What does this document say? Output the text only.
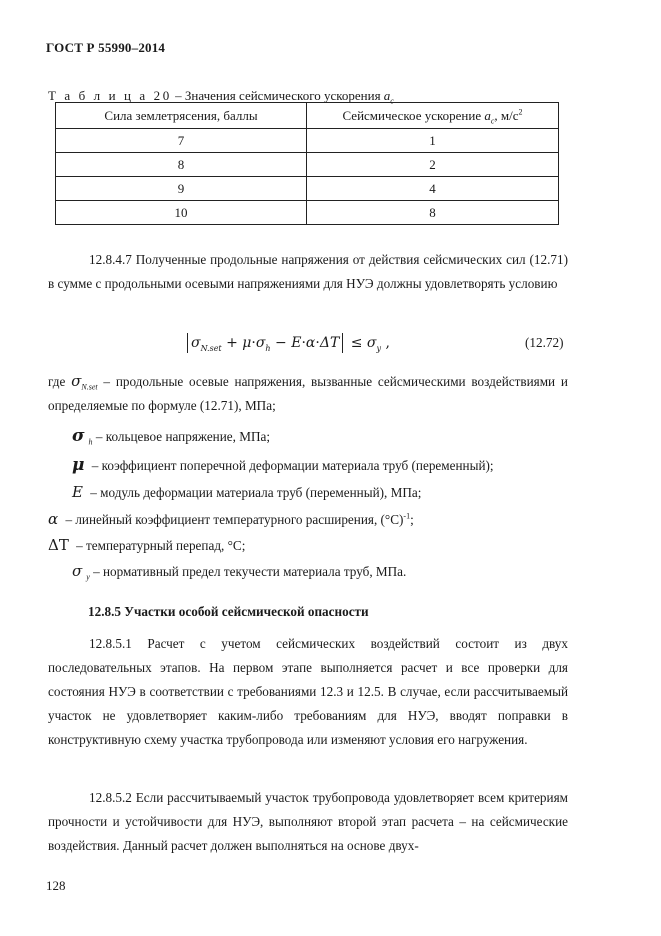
ГОСТ Р 55990–2014
Т а б л и ц а 20 – Значения сейсмического ускорения $a_c$
Сила землетрясения, баллы	Сейсмическое ускорение $a_c$, $м/с^2$
7	1
8	2
9	4
10	8

12.8.4.7 Полученные продольные напряжения от действия сейсмических сил (12.71) в сумме с продольными осевыми напряжениями для НУЭ должны удовлетворять условию

$\sigma_{N.set} + \mu\cdot\sigma_h - E\cdot\alpha\cdot\Delta T \le \sigma_y$ ,	(12.72)

где $\sigma_{N.set}$ – продольные осевые напряжения, вызванные сейсмическими воздействиями и определяемые по формуле (12.71), МПа;

σ $_h$ – кольцевое напряжение, МПа;
μ – коэффициент поперечной деформации материала труб (переменный);
E – модуль деформации материала труб (переменный), МПа;
α – линейный коэффициент температурного расширения, $(^\circ С)^{-1}$;
ΔT – температурный перепад, °С;
σ $_y$ – нормативный предел текучести материала труб, МПа.
12.8.5 Участки особой сейсмической опасности

12.8.5.1 Расчет с учетом сейсмических воздействий состоит из двух последовательных этапов. На первом этапе выполняется расчет и все проверки для состояния НУЭ в соответствии с требованиями 12.3 и 12.5. В случае, если рассчитываемый участок не удовлетворяет каким-либо требованиям для НУЭ, вводят поправки в конструктивную схему участка трубопровода или изменяют условия его нагружения.

12.8.5.2 Если рассчитываемый участок трубопровода удовлетворяет всем критериям прочности и устойчивости для НУЭ, выполняют второй этап расчета – на сейсмические воздействия. Данный расчет должен выполняться на основе двух-

128
